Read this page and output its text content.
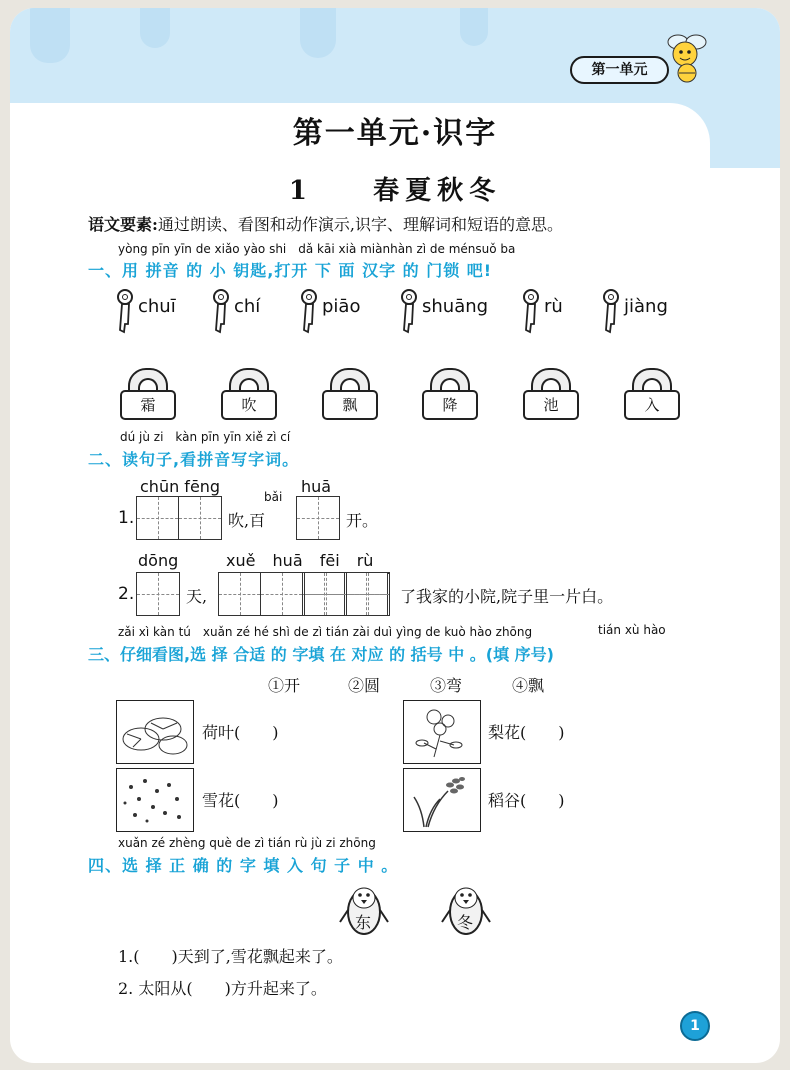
第一单元
第一单元·识字
1 春夏秋冬
语文要素:通过朗读、看图和动作演示,识字、理解词和短语的意思。
yòng pīn yīn de xiǎo yào shi　dǎ kāi xià miànhàn zì de ménsuǒ ba
一、用 拼音 的 小 钥匙,打开 下 面 汉字 的 门锁 吧!
chuī	chí	piāo	shuāng	rù	jiàng
霜	吹	飘	降	池	入
dú jù zi　kàn pīn yīn xiě zì cí
二、读句子,看拼音写字词。
chūn fēng
bǎi
huā
1.	吹,百	开。
dōng	xuě huā fēi rù
2.	天,	了我家的小院,院子里一片白。
zǎi xì kàn tú　xuǎn zé hé shì de zì tián zài duì yìng de kuò hào zhōng	tián xù hào
三、仔细看图,选 择 合适 的 字填 在 对应 的 括号 中 。(填 序号)
①开	②圆	③弯	④飘
荷叶(　　)	梨花(　　)
雪花(　　)	稻谷(　　)
xuǎn zé zhèng què de zì tián rù jù zi zhōng
四、选 择 正 确 的 字 填 入 句 子 中 。
东	冬
1.(　　)天到了,雪花飘起来了。
2. 太阳从(　　)方升起来了。
1
